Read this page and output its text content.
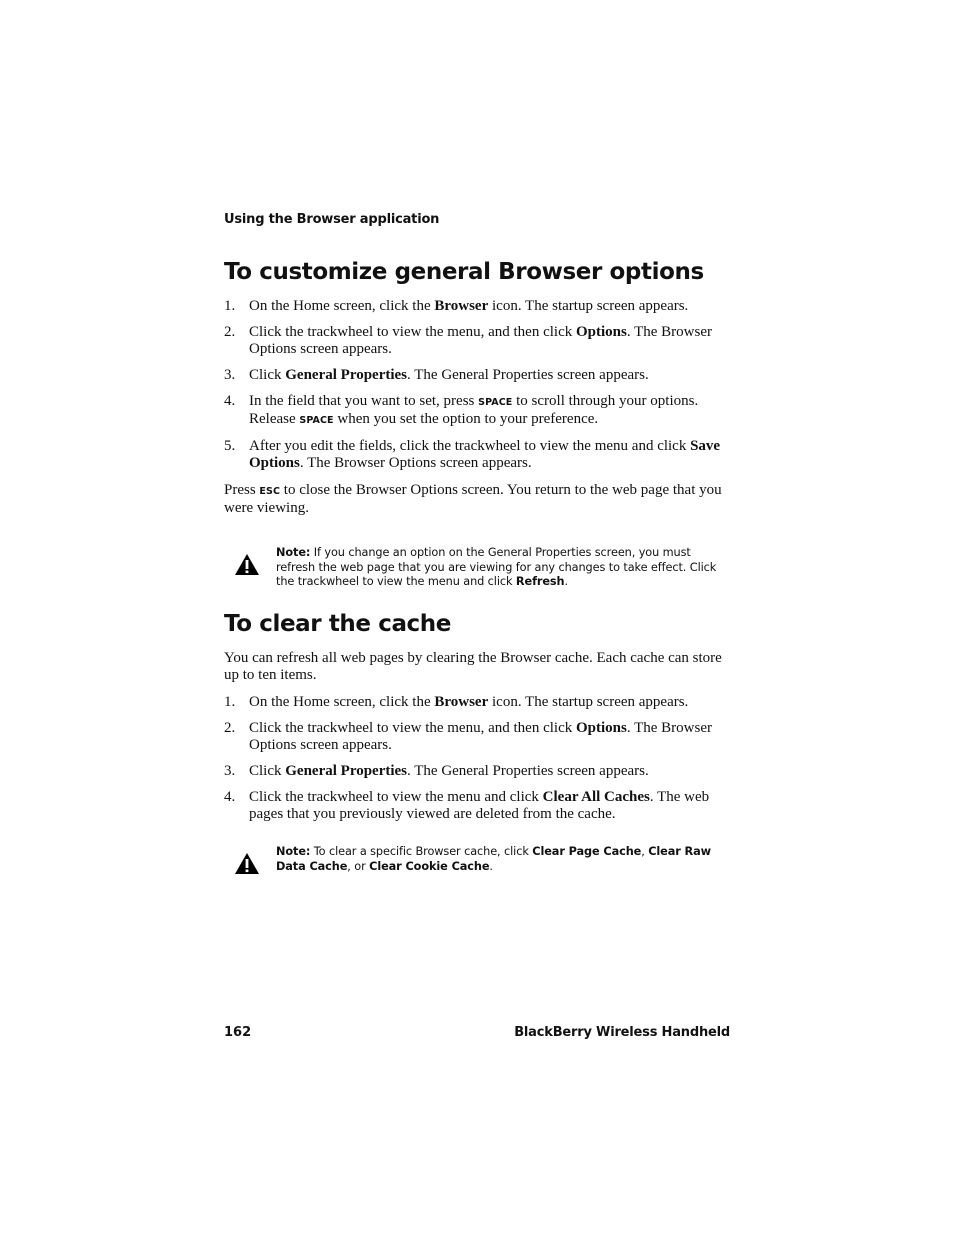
Using the Browser application
To customize general Browser options
1. On the Home screen, click the Browser icon. The startup screen appears.
2. Click the trackwheel to view the menu, and then click Options. The Browser Options screen appears.
3. Click General Properties. The General Properties screen appears.
4. In the field that you want to set, press SPACE to scroll through your options. Release SPACE when you set the option to your preference.
5. After you edit the fields, click the trackwheel to view the menu and click Save Options. The Browser Options screen appears.

Press ESC to close the Browser Options screen. You return to the web page that you were viewing.

Note: If you change an option on the General Properties screen, you must refresh the web page that you are viewing for any changes to take effect. Click the trackwheel to view the menu and click Refresh.
To clear the cache

You can refresh all web pages by clearing the Browser cache. Each cache can store up to ten items.

1. On the Home screen, click the Browser icon. The startup screen appears.
2. Click the trackwheel to view the menu, and then click Options. The Browser Options screen appears.
3. Click General Properties. The General Properties screen appears.
4. Click the trackwheel to view the menu and click Clear All Caches. The web pages that you previously viewed are deleted from the cache.
Note: To clear a specific Browser cache, click Clear Page Cache, Clear Raw Data Cache, or Clear Cookie Cache.
162	BlackBerry Wireless Handheld
